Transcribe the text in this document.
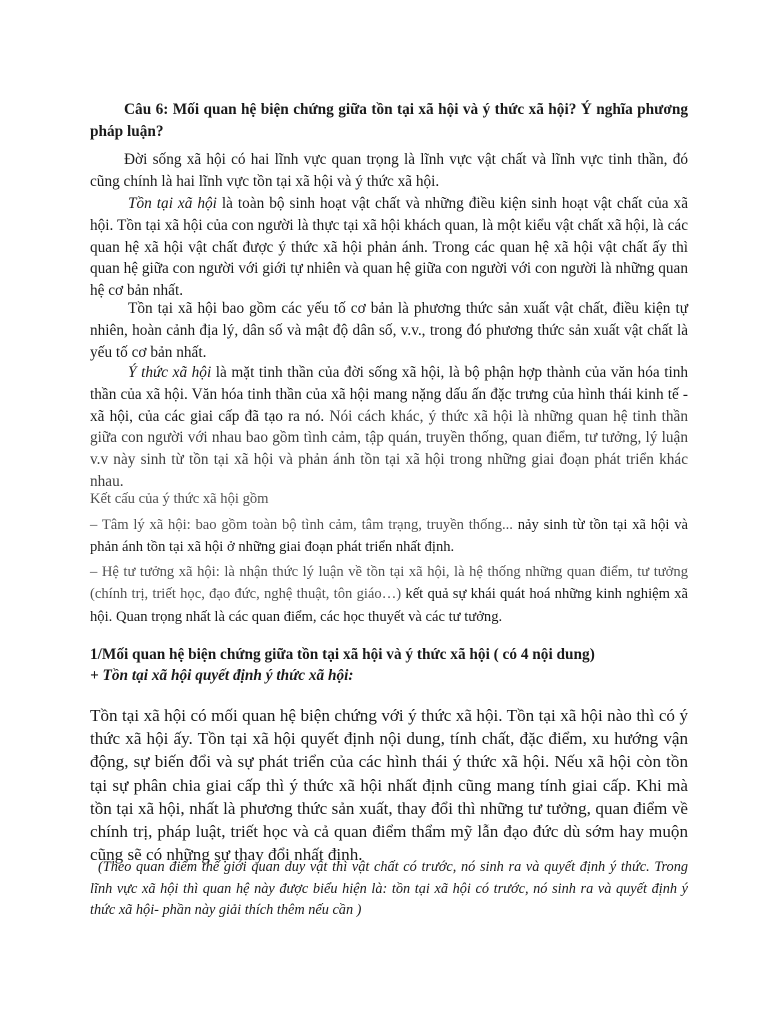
Câu 6: Mối quan hệ biện chứng giữa tồn tại xã hội và ý thức xã hội? Ý nghĩa phương pháp luận?

Đời sống xã hội có hai lĩnh vực quan trọng là lĩnh vực vật chất và lĩnh vực tinh thần, đó cũng chính là hai lĩnh vực tồn tại xã hội và ý thức xã hội.

Tồn tại xã hội là toàn bộ sinh hoạt vật chất và những điều kiện sinh hoạt vật chất của xã hội. Tồn tại xã hội của con người là thực tại xã hội khách quan, là một kiểu vật chất xã hội, là các quan hệ xã hội vật chất được ý thức xã hội phản ánh. Trong các quan hệ xã hội vật chất ấy thì quan hệ giữa con người với giới tự nhiên và quan hệ giữa con người với con người là những quan hệ cơ bản nhất.

Tồn tại xã hội bao gồm các yếu tố cơ bản là phương thức sản xuất vật chất, điều kiện tự nhiên, hoàn cảnh địa lý, dân số và mật độ dân số, v.v., trong đó phương thức sản xuất vật chất là yếu tố cơ bản nhất.

Ý thức xã hội là mặt tinh thần của đời sống xã hội, là bộ phận hợp thành của văn hóa tinh thần của xã hội. Văn hóa tinh thần của xã hội mang nặng dấu ấn đặc trưng của hình thái kinh tế - xã hội, của các giai cấp đã tạo ra nó. Nói cách khác, ý thức xã hội là những quan hệ tinh thần giữa con người với nhau bao gồm tình cảm, tập quán, truyền thống, quan điểm, tư tưởng, lý luận v.v này sinh từ tồn tại xã hội và phản ánh tồn tại xã hội trong những giai đoạn phát triển khác nhau.

Kết cấu của ý thức xã hội gồm

– Tâm lý xã hội: bao gồm toàn bộ tình cảm, tâm trạng, truyền thống... nảy sinh từ tồn tại xã hội và phản ánh tồn tại xã hội ở những giai đoạn phát triển nhất định.

– Hệ tư tưởng xã hội: là nhận thức lý luận về tồn tại xã hội, là hệ thống những quan điểm, tư tưởng (chính trị, triết học, đạo đức, nghệ thuật, tôn giáo…) kết quả sự khái quát hoá những kinh nghiệm xã hội. Quan trọng nhất là các quan điểm, các học thuyết và các tư tưởng.

1/Mối quan hệ biện chứng giữa tồn tại xã hội và ý thức xã hội ( có 4 nội dung)

+ Tồn tại xã hội quyết định ý thức xã hội:

Tồn tại xã hội có mối quan hệ biện chứng với ý thức xã hội. Tồn tại xã hội nào thì có ý thức xã hội ấy. Tồn tại xã hội quyết định nội dung, tính chất, đặc điểm, xu hướng vận động, sự biến đổi và sự phát triển của các hình thái ý thức xã hội. Nếu xã hội còn tồn tại sự phân chia giai cấp thì ý thức xã hội nhất định cũng mang tính giai cấp. Khi mà tồn tại xã hội, nhất là phương thức sản xuất, thay đổi thì những tư tưởng, quan điểm về chính trị, pháp luật, triết học và cả quan điểm thẩm mỹ lẫn đạo đức dù sớm hay muộn cũng sẽ có những sự thay đổi nhất định.

(Theo quan điểm thế giới quan duy vật thì vật chất có trước, nó sinh ra và quyết định ý thức. Trong lĩnh vực xã hội thì quan hệ này được biểu hiện là: tồn tại xã hội có trước, nó sinh ra và quyết định ý thức xã hội- phần này giải thích thêm nếu cần )
